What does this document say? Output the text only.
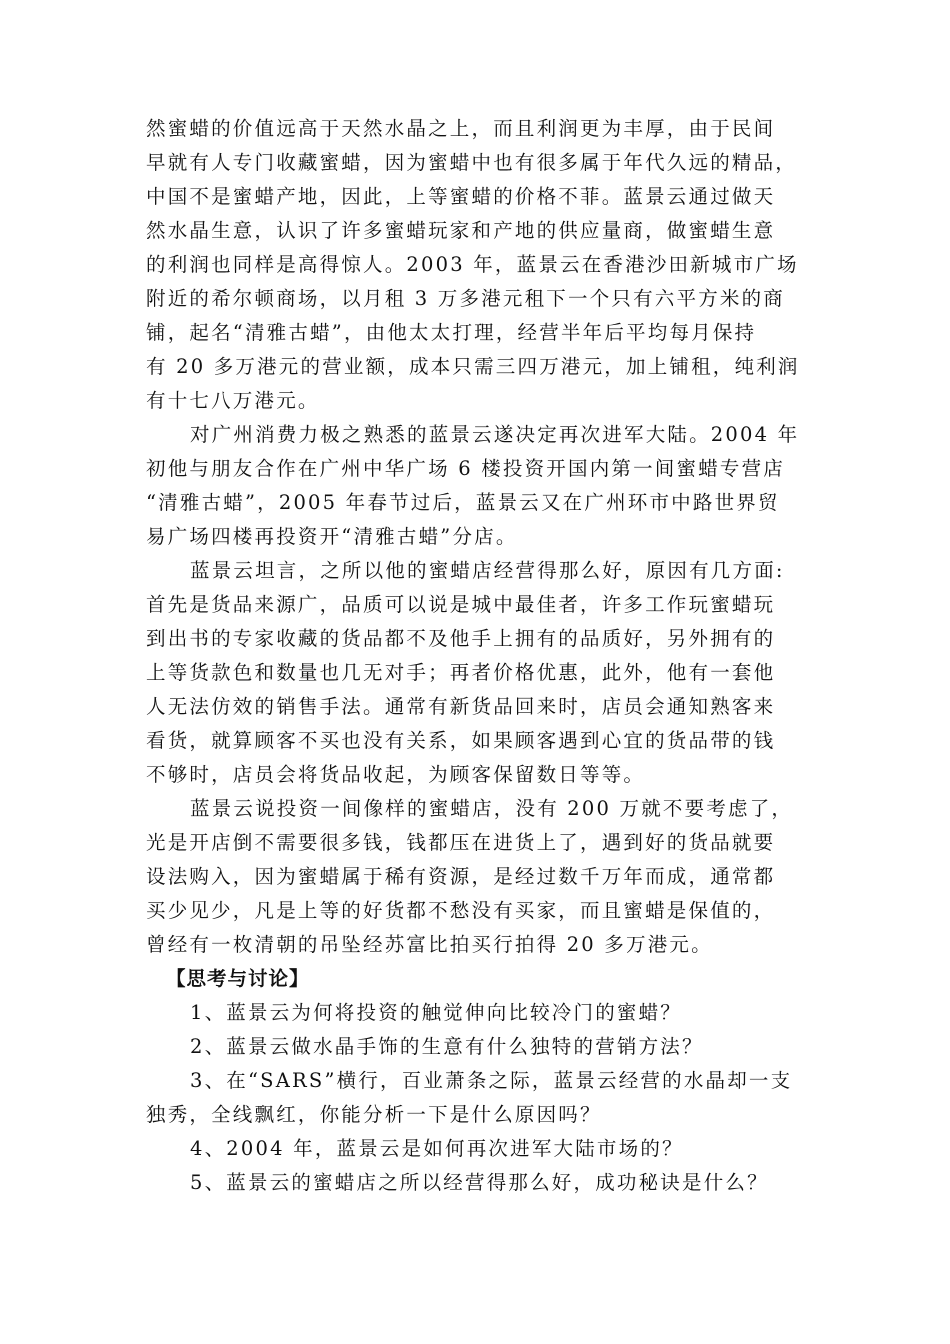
然蜜蜡的价值远高于天然水晶之上，而且利润更为丰厚，由于民间
早就有人专门收藏蜜蜡，因为蜜蜡中也有很多属于年代久远的精品，
中国不是蜜蜡产地，因此，上等蜜蜡的价格不菲。蓝景云通过做天
然水晶生意，认识了许多蜜蜡玩家和产地的供应量商，做蜜蜡生意
的利润也同样是高得惊人。2003 年，蓝景云在香港沙田新城市广场
附近的希尔顿商场，以月租 3 万多港元租下一个只有六平方米的商
铺，起名“清雅古蜡”，由他太太打理，经营半年后平均每月保持
有 20 多万港元的营业额，成本只需三四万港元，加上铺租，纯利润
有十七八万港元。
对广州消费力极之熟悉的蓝景云遂决定再次进军大陆。2004 年
初他与朋友合作在广州中华广场 6 楼投资开国内第一间蜜蜡专营店
“清雅古蜡”，2005 年春节过后，蓝景云又在广州环市中路世界贸
易广场四楼再投资开“清雅古蜡”分店。
蓝景云坦言，之所以他的蜜蜡店经营得那么好，原因有几方面:
首先是货品来源广，品质可以说是城中最佳者，许多工作玩蜜蜡玩
到出书的专家收藏的货品都不及他手上拥有的品质好，另外拥有的
上等货款色和数量也几无对手；再者价格优惠，此外，他有一套他
人无法仿效的销售手法。通常有新货品回来时，店员会通知熟客来
看货，就算顾客不买也没有关系，如果顾客遇到心宜的货品带的钱
不够时，店员会将货品收起，为顾客保留数日等等。
蓝景云说投资一间像样的蜜蜡店，没有 200 万就不要考虑了，
光是开店倒不需要很多钱，钱都压在进货上了，遇到好的货品就要
设法购入，因为蜜蜡属于稀有资源，是经过数千万年而成，通常都
买少见少，凡是上等的好货都不愁没有买家，而且蜜蜡是保值的，
曾经有一枚清朝的吊坠经苏富比拍买行拍得 20 多万港元。
【思考与讨论】
1、蓝景云为何将投资的触觉伸向比较冷门的蜜蜡？
2、蓝景云做水晶手饰的生意有什么独特的营销方法？
3、在“SARS”横行，百业萧条之际，蓝景云经营的水晶却一支
独秀，全线飘红，你能分析一下是什么原因吗？
4、2004 年，蓝景云是如何再次进军大陆市场的？
5、蓝景云的蜜蜡店之所以经营得那么好，成功秘诀是什么？
